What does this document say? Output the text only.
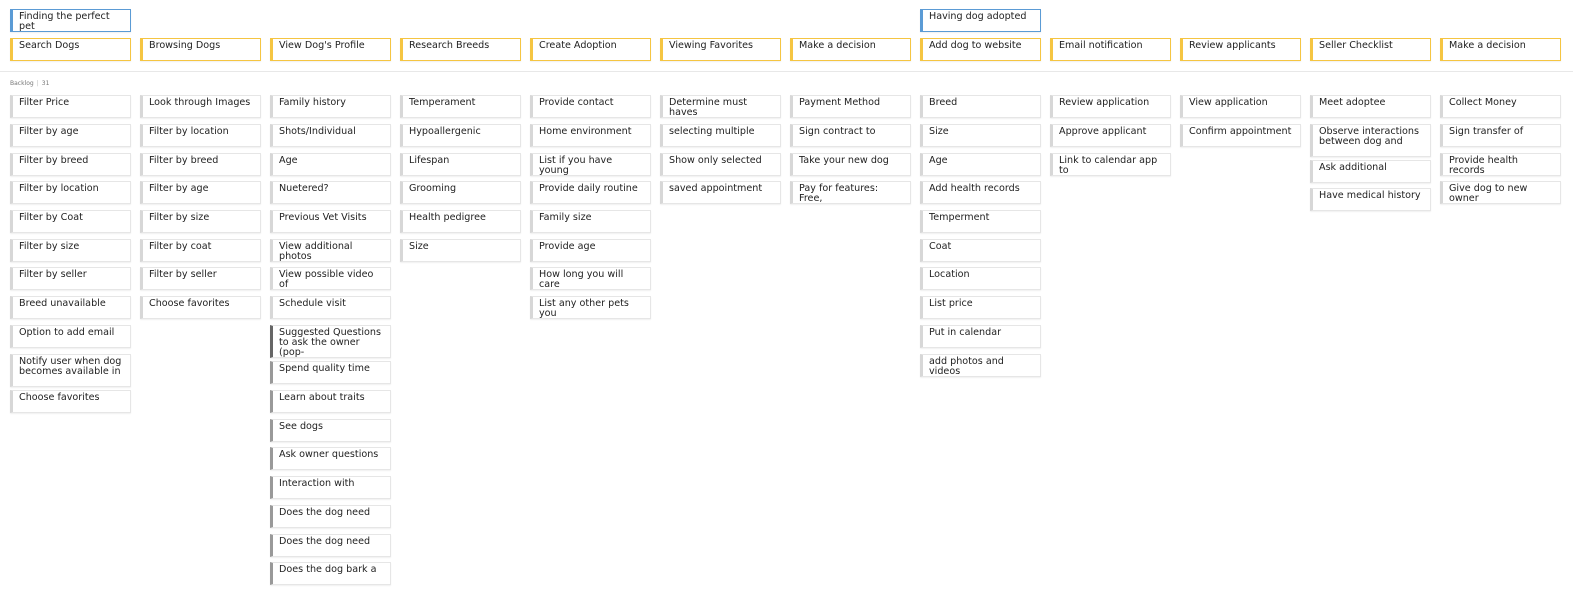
Finding the perfect pet
Having dog adopted
Search Dogs	Browsing Dogs	View Dog's Profile	Research Breeds	Create Adoption	Viewing Favorites	Make a decision	Add dog to website	Email notification	Review applicants	Seller Checklist	Make a decision
Backlog | 31
Filter Price
Filter by age
Filter by breed
Filter by location
Filter by Coat
Filter by size
Filter by seller
Breed unavailable
Option to add email
Notify user when dog becomes available in
Choose favorites
Look through Images
Filter by location
Filter by breed
Filter by age
Filter by size
Filter by coat
Filter by seller
Choose favorites
Family history
Shots/Individual
Age
Nuetered?
Previous Vet Visits
View additional photos
View possible video of
Schedule visit
Suggested Questions to ask the owner (pop-
Spend quality time
Learn about traits
See dogs
Ask owner questions
Interaction with
Does the dog need
Does the dog need
Does the dog bark a
Temperament
Hypoallergenic
Lifespan
Grooming
Health pedigree
Size
Provide contact
Home environment
List if you have young
Provide daily routine
Family size
Provide age
How long you will care
List any other pets you
Determine must haves
selecting multiple
Show only selected
saved appointment
Payment Method
Sign contract to
Take your new dog
Pay for features: Free,
Breed
Size
Age
Add health records
Temperment
Coat
Location
List price
Put in calendar
add photos and videos
Review application
Approve applicant
Link to calendar app to
View application
Confirm appointment
Meet adoptee
Observe interactions between dog and
Ask additional
Have medical history
Collect Money
Sign transfer of
Provide health records
Give dog to new owner
